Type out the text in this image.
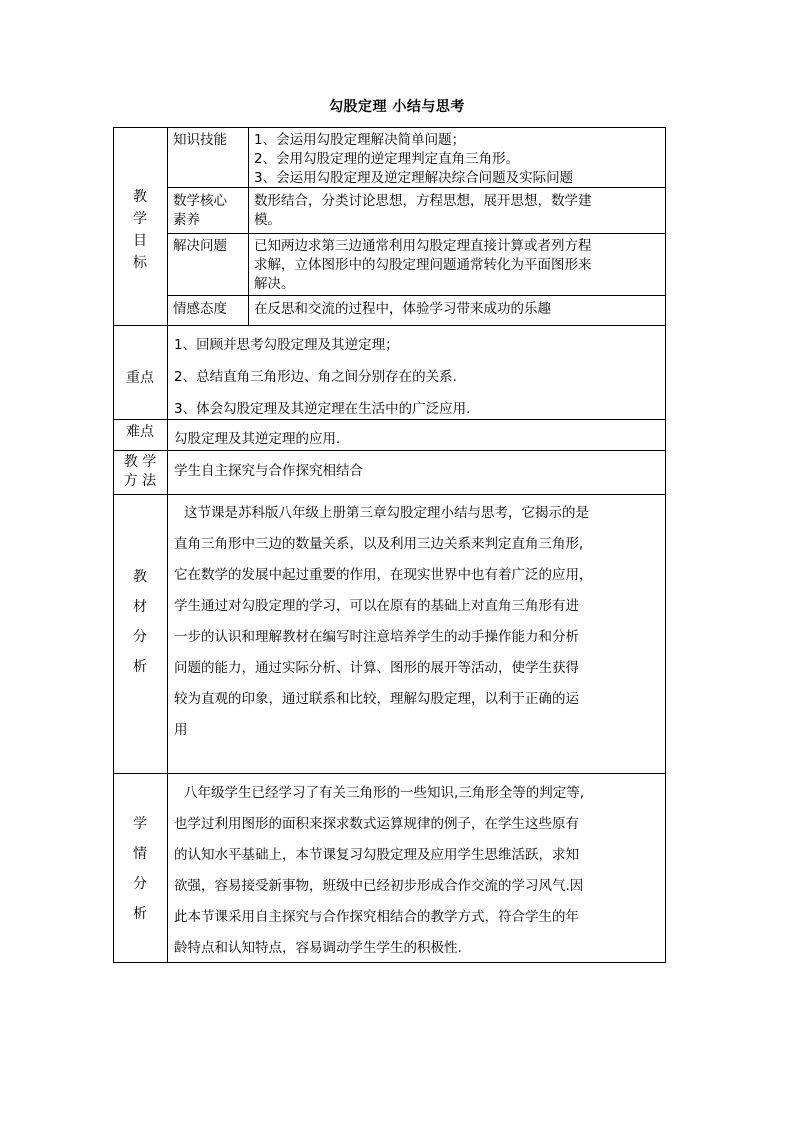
勾股定理 小结与思考
教
学
目
标
知识技能 1、会运用勾股定理解决简单问题；
2、会用勾股定理的逆定理判定直角三角形。
3、会运用勾股定理及逆定理解决综合问题及实际问题
数学核心
素养
数形结合，分类讨论思想，方程思想，展开思想，数学建
模。
解决问题 已知两边求第三边通常利用勾股定理直接计算或者列方程
求解，立体图形中的勾股定理问题通常转化为平面图形来
解决。
情感态度 在反思和交流的过程中，体验学习带来成功的乐趣
重点
1、回顾并思考勾股定理及其逆定理；
2、总结直角三角形边、角之间分别存在的关系.
3、体会勾股定理及其逆定理在生活中的广泛应用.
难点	勾股定理及其逆定理的应用.
教 学
方 法
学生自主探究与合作探究相结合
教
材
分
析
这节课是苏科版八年级上册第三章勾股定理小结与思考，它揭示的是
直角三角形中三边的数量关系，以及利用三边关系来判定直角三角形,
它在数学的发展中起过重要的作用，在现实世界中也有着广泛的应用，
学生通过对勾股定理的学习，可以在原有的基础上对直角三角形有进
一步的认识和理解教材在编写时注意培养学生的动手操作能力和分析
问题的能力，通过实际分析、计算、图形的展开等活动，使学生获得
较为直观的印象，通过联系和比较，理解勾股定理，以利于正确的运
用
学
情
分
析
八年级学生已经学习了有关三角形的一些知识,三角形全等的判定等,
也学过利用图形的面积来探求数式运算规律的例子，在学生这些原有
的认知水平基础上，本节课复习勾股定理及应用学生思维活跃，求知
欲强，容易接受新事物，班级中已经初步形成合作交流的学习风气.因
此本节课采用自主探究与合作探究相结合的教学方式，符合学生的年
龄特点和认知特点，容易调动学生学生的积极性.
